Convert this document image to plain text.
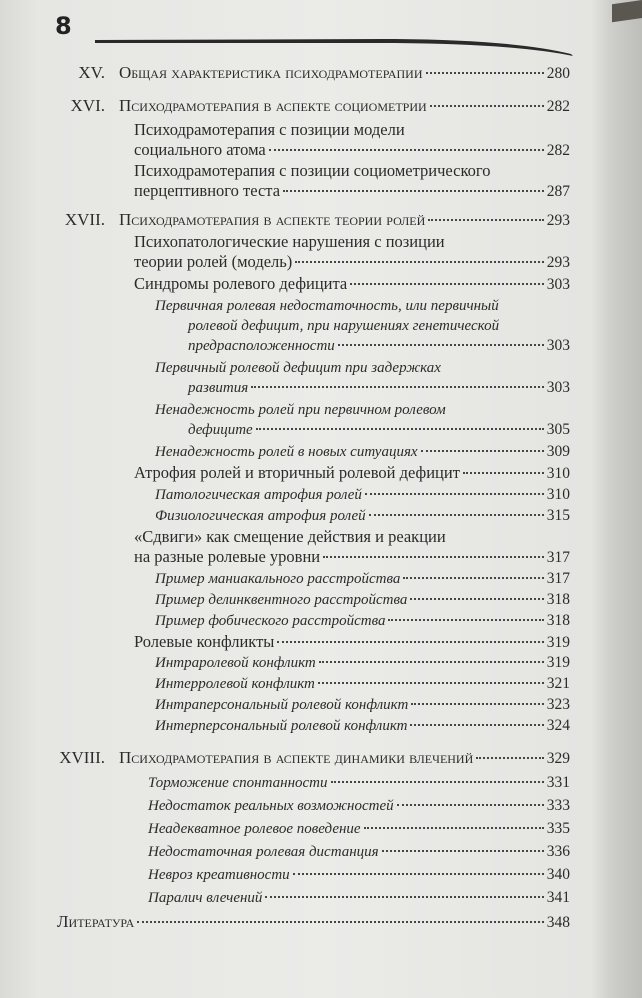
8
XV. Общая характеристика психодрамотерапии	280
XVI. Психодрамотерапия в аспекте социометрии	282
Психодрамотерапия с позиции модели
социального атома	282
Психодрамотерапия с позиции социометрического
перцептивного теста	287
XVII. Психодрамотерапия в аспекте теории ролей	293
Психопатологические нарушения с позиции
теории ролей (модель)	293
Синдромы ролевого дефицита	303
Первичная ролевая недостаточность, или первичный
ролевой дефицит, при нарушениях генетической
предрасположенности	303
Первичный ролевой дефицит при задержках
развития	303
Ненадежность ролей при первичном ролевом
дефиците	305
Ненадежность ролей в новых ситуациях	309
Атрофия ролей и вторичный ролевой дефицит	310
Патологическая атрофия ролей	310
Физиологическая атрофия ролей	315
«Сдвиги» как смещение действия и реакции
на разные ролевые уровни	317
Пример маниакального расстройства	317
Пример делинквентного расстройства	318
Пример фобического расстройства	318
Ролевые конфликты	319
Интраролевой конфликт	319
Интерролевой конфликт	321
Интраперсональный ролевой конфликт	323
Интерперсональный ролевой конфликт	324
XVIII. Психодрамотерапия в аспекте динамики влечений	329
Торможение спонтанности	331
Недостаток реальных возможностей	333
Неадекватное ролевое поведение	335
Недостаточная ролевая дистанция	336
Невроз креативности	340
Паралич влечений	341
Литература	348
